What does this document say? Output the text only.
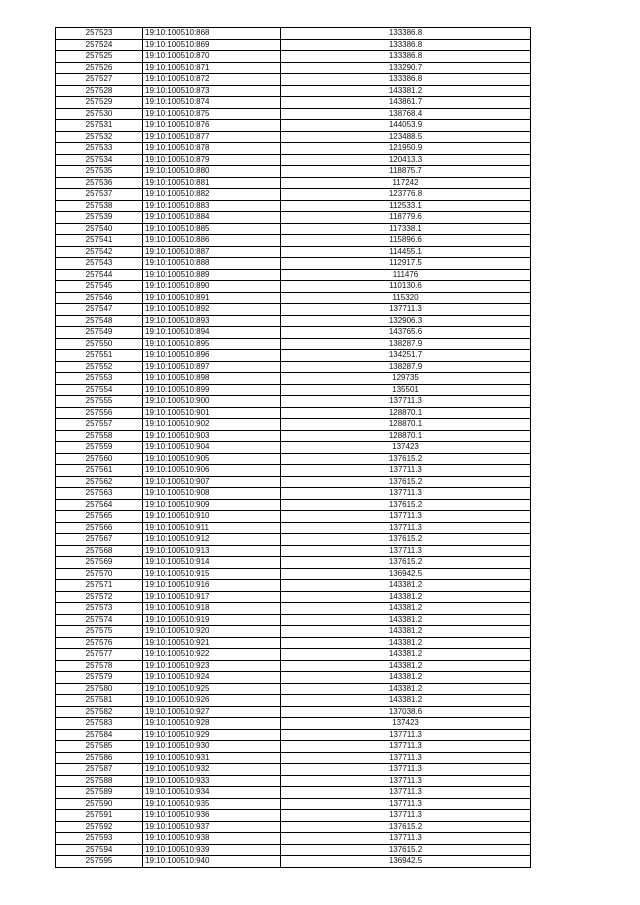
257523	19:10:100510:868	133386.8
257524	19:10:100510:869	133386.8
257525	19:10:100510:870	133386.8
257526	19:10:100510:871	133290.7
257527	19:10:100510:872	133386.8
257528	19:10:100510:873	143381.2
257529	19:10:100510:874	143861.7
257530	19:10:100510:875	138768.4
257531	19:10:100510:876	144053.9
257532	19:10:100510:877	123488.5
257533	19:10:100510:878	121950.9
257534	19:10:100510:879	120413.3
257535	19:10:100510:880	118875.7
257536	19:10:100510:881	117242
257537	19:10:100510:882	123776.8
257538	19:10:100510:883	112533.1
257539	19:10:100510:884	118779.6
257540	19:10:100510:885	117338.1
257541	19:10:100510:886	115896.6
257542	19:10:100510:887	114455.1
257543	19:10:100510:888	112917.5
257544	19:10:100510:889	111476
257545	19:10:100510:890	110130.6
257546	19:10:100510:891	115320
257547	19:10:100510:892	137711.3
257548	19:10:100510:893	132906.3
257549	19:10:100510:894	143765.6
257550	19:10:100510:895	138287.9
257551	19:10:100510:896	134251.7
257552	19:10:100510:897	138287.9
257553	19:10:100510:898	129735
257554	19:10:100510:899	135501
257555	19:10:100510:900	137711.3
257556	19:10:100510:901	128870.1
257557	19:10:100510:902	128870.1
257558	19:10:100510:903	128870.1
257559	19:10:100510:904	137423
257560	19:10:100510:905	137615.2
257561	19:10:100510:906	137711.3
257562	19:10:100510:907	137615.2
257563	19:10:100510:908	137711.3
257564	19:10:100510:909	137615.2
257565	19:10:100510:910	137711.3
257566	19:10:100510:911	137711.3
257567	19:10:100510:912	137615.2
257568	19:10:100510:913	137711.3
257569	19:10:100510:914	137615.2
257570	19:10:100510:915	136942.5
257571	19:10:100510:916	143381.2
257572	19:10:100510:917	143381.2
257573	19:10:100510:918	143381.2
257574	19:10:100510:919	143381.2
257575	19:10:100510:920	143381.2
257576	19:10:100510:921	143381.2
257577	19:10:100510:922	143381.2
257578	19:10:100510:923	143381.2
257579	19:10:100510:924	143381.2
257580	19:10:100510:925	143381.2
257581	19:10:100510:926	143381.2
257582	19:10:100510:927	137038.6
257583	19:10:100510:928	137423
257584	19:10:100510:929	137711.3
257585	19:10:100510:930	137711.3
257586	19:10:100510:931	137711.3
257587	19:10:100510:932	137711.3
257588	19:10:100510:933	137711.3
257589	19:10:100510:934	137711.3
257590	19:10:100510:935	137711.3
257591	19:10:100510:936	137711.3
257592	19:10:100510:937	137615.2
257593	19:10:100510:938	137711.3
257594	19:10:100510:939	137615.2
257595	19:10:100510:940	136942.5
